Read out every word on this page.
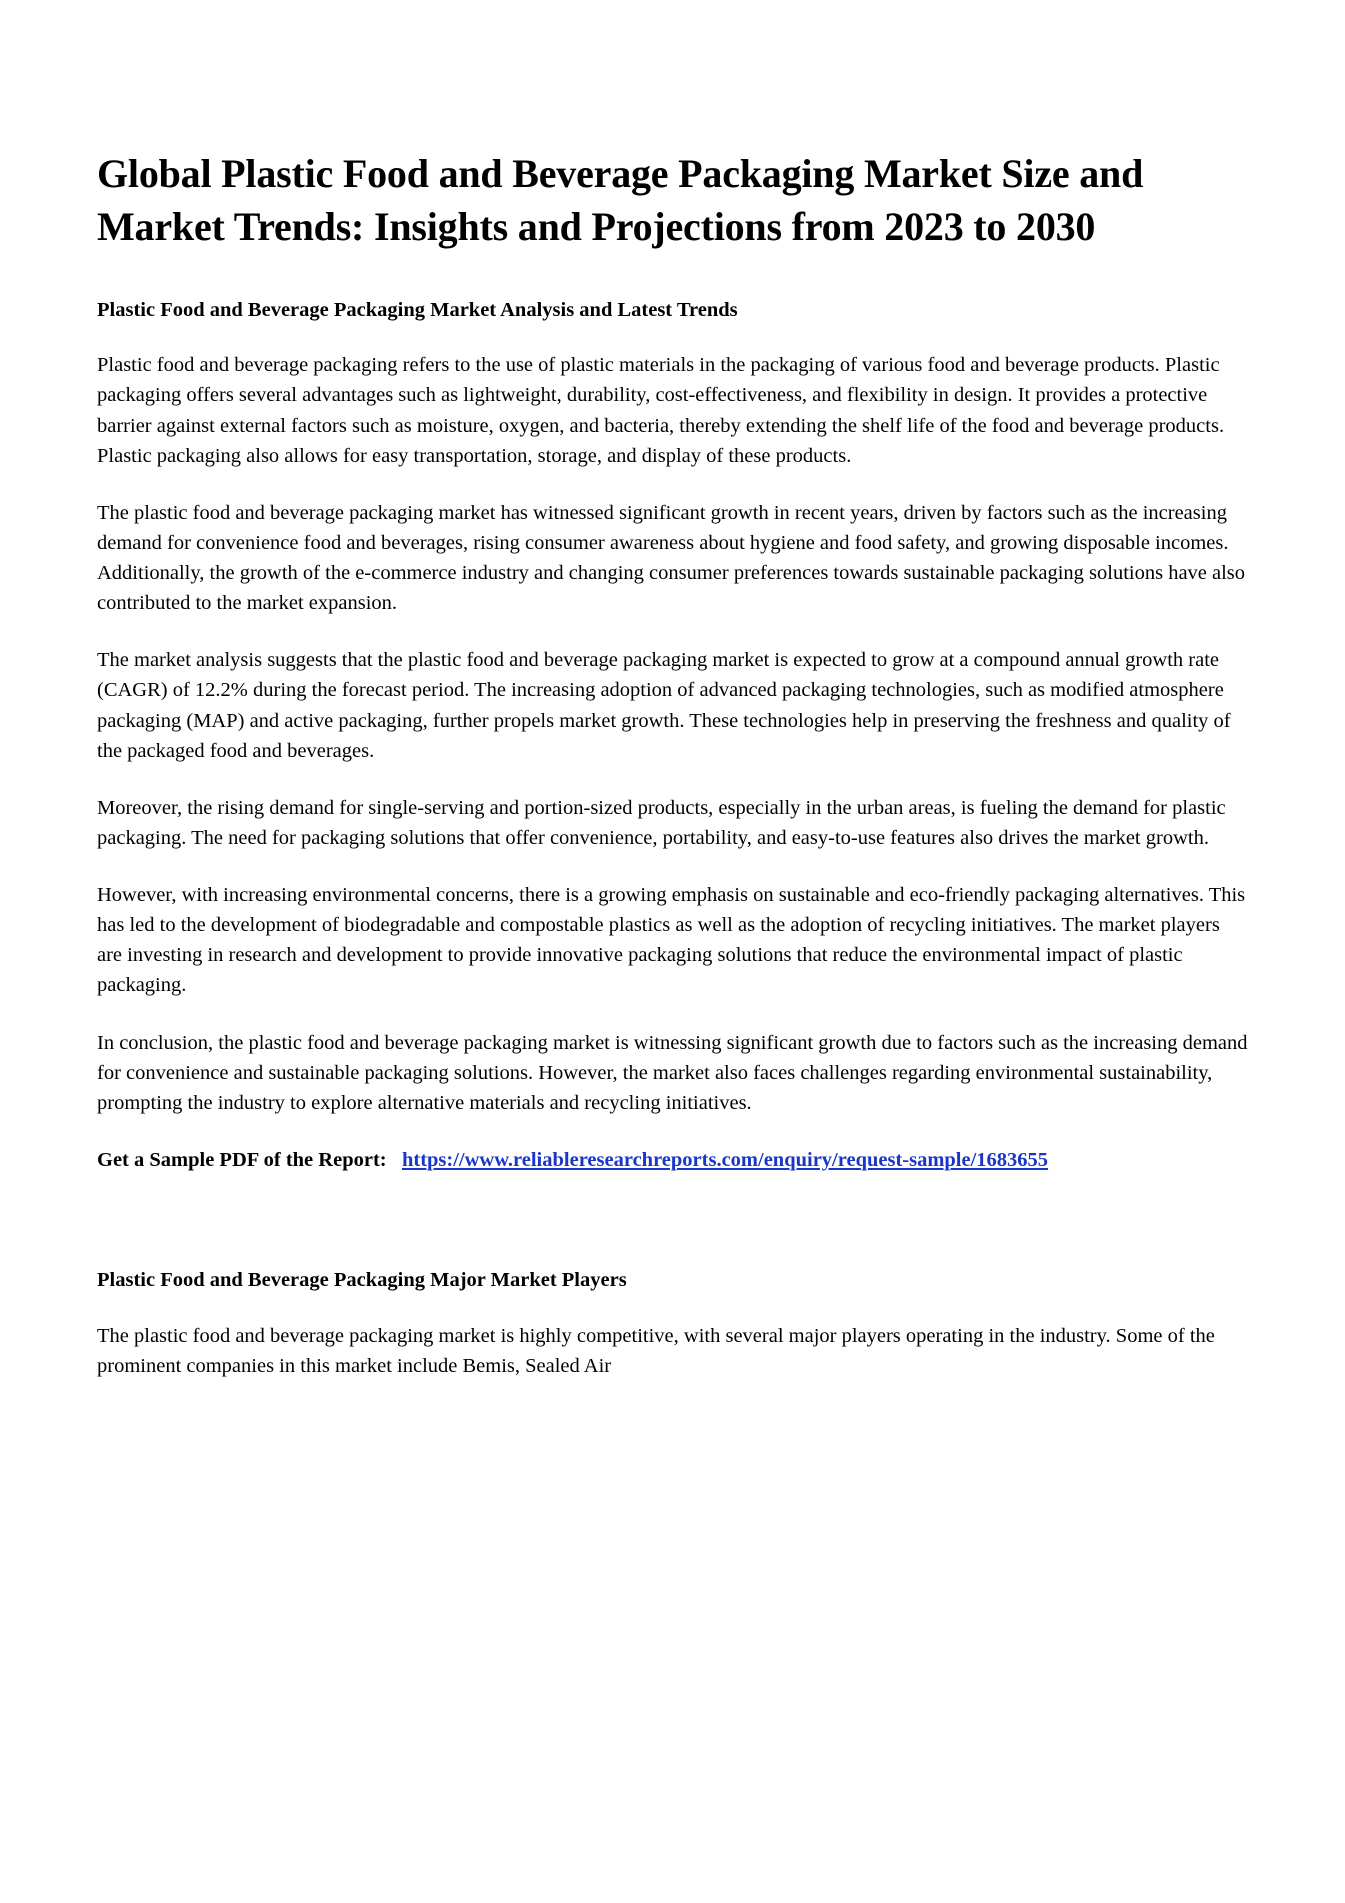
Global Plastic Food and Beverage Packaging Market Size and Market Trends: Insights and Projections from 2023 to 2030
Plastic Food and Beverage Packaging Market Analysis and Latest Trends

Plastic food and beverage packaging refers to the use of plastic materials in the packaging of various food and beverage products. Plastic packaging offers several advantages such as lightweight, durability, cost-effectiveness, and flexibility in design. It provides a protective barrier against external factors such as moisture, oxygen, and bacteria, thereby extending the shelf life of the food and beverage products. Plastic packaging also allows for easy transportation, storage, and display of these products.

The plastic food and beverage packaging market has witnessed significant growth in recent years, driven by factors such as the increasing demand for convenience food and beverages, rising consumer awareness about hygiene and food safety, and growing disposable incomes. Additionally, the growth of the e-commerce industry and changing consumer preferences towards sustainable packaging solutions have also contributed to the market expansion.

The market analysis suggests that the plastic food and beverage packaging market is expected to grow at a compound annual growth rate (CAGR) of 12.2% during the forecast period. The increasing adoption of advanced packaging technologies, such as modified atmosphere packaging (MAP) and active packaging, further propels market growth. These technologies help in preserving the freshness and quality of the packaged food and beverages.

Moreover, the rising demand for single-serving and portion-sized products, especially in the urban areas, is fueling the demand for plastic packaging. The need for packaging solutions that offer convenience, portability, and easy-to-use features also drives the market growth.

However, with increasing environmental concerns, there is a growing emphasis on sustainable and eco-friendly packaging alternatives. This has led to the development of biodegradable and compostable plastics as well as the adoption of recycling initiatives. The market players are investing in research and development to provide innovative packaging solutions that reduce the environmental impact of plastic packaging.

In conclusion, the plastic food and beverage packaging market is witnessing significant growth due to factors such as the increasing demand for convenience and sustainable packaging solutions. However, the market also faces challenges regarding environmental sustainability, prompting the industry to explore alternative materials and recycling initiatives.

Get a Sample PDF of the Report: https://www.reliableresearchreports.com/enquiry/request-sample/1683655

Plastic Food and Beverage Packaging Major Market Players

The plastic food and beverage packaging market is highly competitive, with several major players operating in the industry. Some of the prominent companies in this market include Bemis, Sealed Air
